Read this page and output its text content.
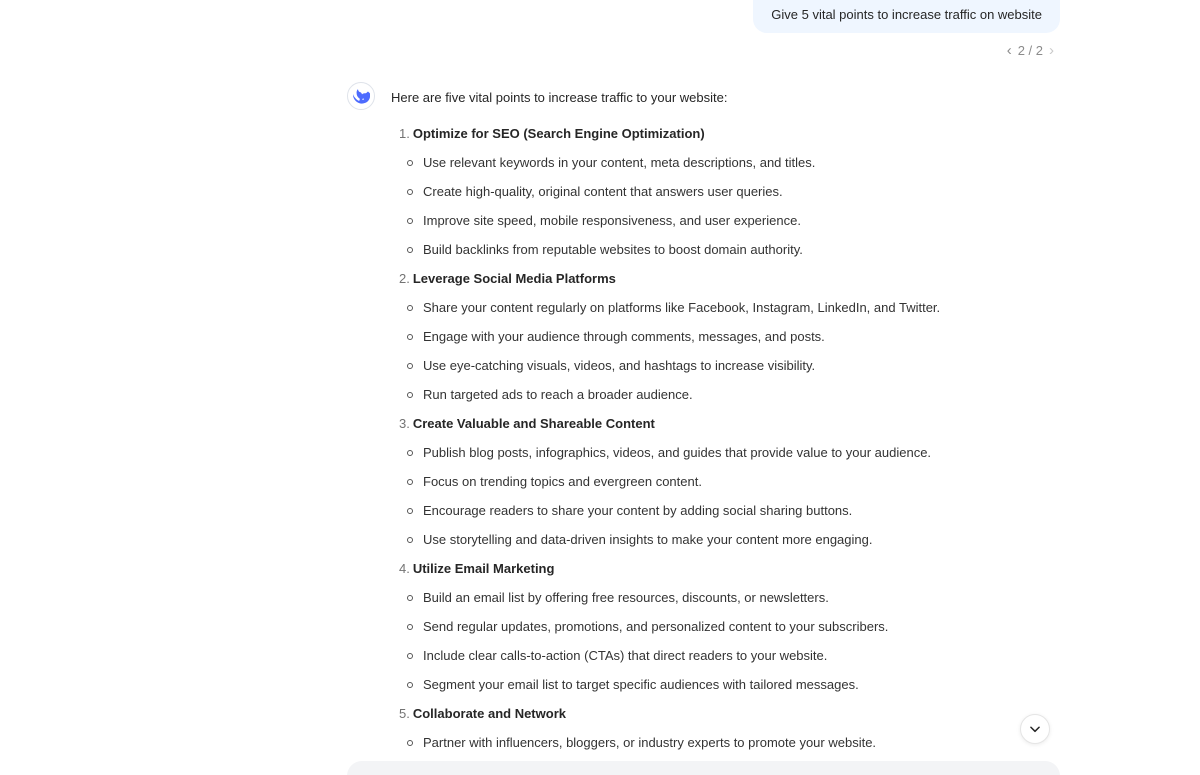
Give 5 vital points to increase traffic on website
‹ 2 / 2 ›
Here are five vital points to increase traffic to your website:
1. Optimize for SEO (Search Engine Optimization)
Use relevant keywords in your content, meta descriptions, and titles.
Create high-quality, original content that answers user queries.
Improve site speed, mobile responsiveness, and user experience.
Build backlinks from reputable websites to boost domain authority.
2. Leverage Social Media Platforms
Share your content regularly on platforms like Facebook, Instagram, LinkedIn, and Twitter.
Engage with your audience through comments, messages, and posts.
Use eye-catching visuals, videos, and hashtags to increase visibility.
Run targeted ads to reach a broader audience.
3. Create Valuable and Shareable Content
Publish blog posts, infographics, videos, and guides that provide value to your audience.
Focus on trending topics and evergreen content.
Encourage readers to share your content by adding social sharing buttons.
Use storytelling and data-driven insights to make your content more engaging.
4. Utilize Email Marketing
Build an email list by offering free resources, discounts, or newsletters.
Send regular updates, promotions, and personalized content to your subscribers.
Include clear calls-to-action (CTAs) that direct readers to your website.
Segment your email list to target specific audiences with tailored messages.
5. Collaborate and Network
Partner with influencers, bloggers, or industry experts to promote your website.
